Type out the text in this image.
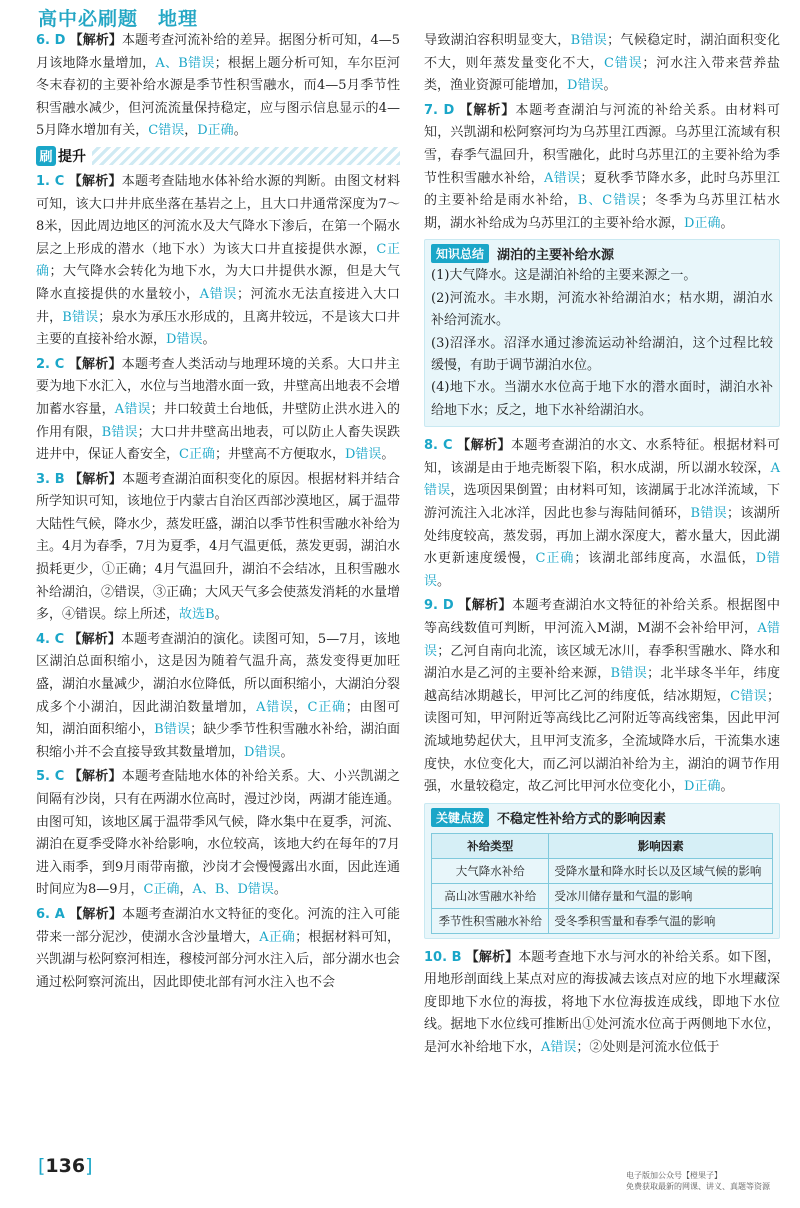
高中必刷题　地理

6. D 【解析】本题考查河流补给的差异。据图分析可知，4—5月该地降水量增加，A、B错误；根据上题分析可知，车尔臣河冬末春初的主要补给水源是季节性积雪融水，而4—5月季节性积雪融水减少，但河流流量保持稳定，应与图示信息显示的4—5月降水增加有关，C错误，D正确。

刷 提升

1. C 【解析】本题考查陆地水体补给水源的判断。由图文材料可知，该大口井井底坐落在基岩之上，且大口井通常深度为7～8米，因此周边地区的河流水及大气降水下渗后，在第一个隔水层之上形成的潜水（地下水）为该大口井直接提供水源，C正确；大气降水会转化为地下水，为大口井提供水源，但是大气降水直接提供的水量较小，A错误；河流水无法直接进入大口井，B错误；泉水为承压水形成的，且离井较远，不是该大口井主要的直接补给水源，D错误。

2. C 【解析】本题考查人类活动与地理环境的关系。大口井主要为地下水汇入，水位与当地潜水面一致，井壁高出地表不会增加蓄水容量，A错误；井口较黄土台地低，井壁防止洪水进入的作用有限，B错误；大口井井壁高出地表，可以防止人畜失误跌进井中，保证人畜安全，C正确；井壁高不方便取水，D错误。

3. B 【解析】本题考查湖泊面积变化的原因。根据材料并结合所学知识可知，该地位于内蒙古自治区西部沙漠地区，属于温带大陆性气候，降水少，蒸发旺盛，湖泊以季节性积雪融水补给为主。4月为春季，7月为夏季，4月气温更低，蒸发更弱，湖泊水损耗更少，①正确；4月气温回升，湖泊不会结冰，且积雪融水补给湖泊，②错误，③正确；大风天气多会使蒸发消耗的水量增多，④错误。综上所述，故选B。

4. C 【解析】本题考查湖泊的演化。读图可知，5—7月，该地区湖泊总面积缩小，这是因为随着气温升高，蒸发变得更加旺盛，湖泊水量减少，湖泊水位降低，所以面积缩小，大湖泊分裂成多个小湖泊，因此湖泊数量增加，A错误，C正确；由图可知，湖泊面积缩小，B错误；缺少季节性积雪融水补给，湖泊面积缩小并不会直接导致其数量增加，D错误。

5. C 【解析】本题考查陆地水体的补给关系。大、小兴凯湖之间隔有沙岗，只有在两湖水位高时，漫过沙岗，两湖才能连通。由图可知，该地区属于温带季风气候，降水集中在夏季，河流、湖泊在夏季受降水补给影响，水位较高，该地大约在每年的7月进入雨季，到9月雨带南撤，沙岗才会慢慢露出水面，因此连通时间应为8—9月，C正确，A、B、D错误。

6. A 【解析】本题考查湖泊水文特征的变化。河流的注入可能带来一部分泥沙，使湖水含沙量增大，A正确；根据材料可知，兴凯湖与松阿察河相连，穆棱河部分河水注入后，部分湖水也会通过松阿察河流出，因此即使北部有河水注入也不会

导致湖泊容积明显变大，B错误；气候稳定时，湖泊面积变化不大，则年蒸发量变化不大，C错误；河水注入带来营养盐类，渔业资源可能增加，D错误。

7. D 【解析】本题考查湖泊与河流的补给关系。由材料可知，兴凯湖和松阿察河均为乌苏里江西源。乌苏里江流域有积雪，春季气温回升，积雪融化，此时乌苏里江的主要补给为季节性积雪融水补给，A错误；夏秋季节降水多，此时乌苏里江的主要补给是雨水补给，B、C错误；冬季为乌苏里江枯水期，湖水补给成为乌苏里江的主要补给水源，D正确。

知识总结	湖泊的主要补给水源

(1)大气降水。这是湖泊补给的主要来源之一。

(2)河流水。丰水期，河流水补给湖泊水；枯水期，湖泊水补给河流水。

(3)沼泽水。沼泽水通过渗流运动补给湖泊，这个过程比较缓慢，有助于调节湖泊水位。

(4)地下水。当湖水水位高于地下水的潜水面时，湖泊水补给地下水；反之，地下水补给湖泊水。

8. C 【解析】本题考查湖泊的水文、水系特征。根据材料可知，该湖是由于地壳断裂下陷，积水成湖，所以湖水较深，A错误，选项因果倒置；由材料可知，该湖属于北冰洋流域，下游河流注入北冰洋，因此也参与海陆间循环，B错误；该湖所处纬度较高，蒸发弱，再加上湖水深度大，蓄水量大，因此湖水更新速度缓慢，C正确；该湖北部纬度高，水温低，D错误。

9. D 【解析】本题考查湖泊水文特征的补给关系。根据图中等高线数值可判断，甲河流入M湖，M湖不会补给甲河，A错误；乙河自南向北流，该区域无冰川，春季积雪融水、降水和湖泊水是乙河的主要补给来源，B错误；北半球冬半年，纬度越高结冰期越长，甲河比乙河的纬度低，结冰期短，C错误；读图可知，甲河附近等高线比乙河附近等高线密集，因此甲河流域地势起伏大，且甲河支流多，全流域降水后，干流集水速度快，水位变化大，而乙河以湖泊补给为主，湖泊的调节作用强，水量较稳定，故乙河比甲河水位变化小，D正确。

关键点拨	不稳定性补给方式的影响因素
补给类型	影响因素
大气降水补给	受降水量和降水时长以及区域气候的影响
高山冰雪融水补给	受冰川储存量和气温的影响
季节性积雪融水补给	受冬季积雪量和春季气温的影响

10. B 【解析】本题考查地下水与河水的补给关系。如下图，用地形剖面线上某点对应的海拔减去该点对应的地下水埋藏深度即地下水位的海拔，将地下水位海拔连成线，即地下水位线。据地下水位线可推断出①处河流水位高于两侧地下水位，是河水补给地下水，A错误；②处则是河流水位低于

[136]	电子版加公众号【橙果子】
免费获取最新的网课、讲义、真题等资源
